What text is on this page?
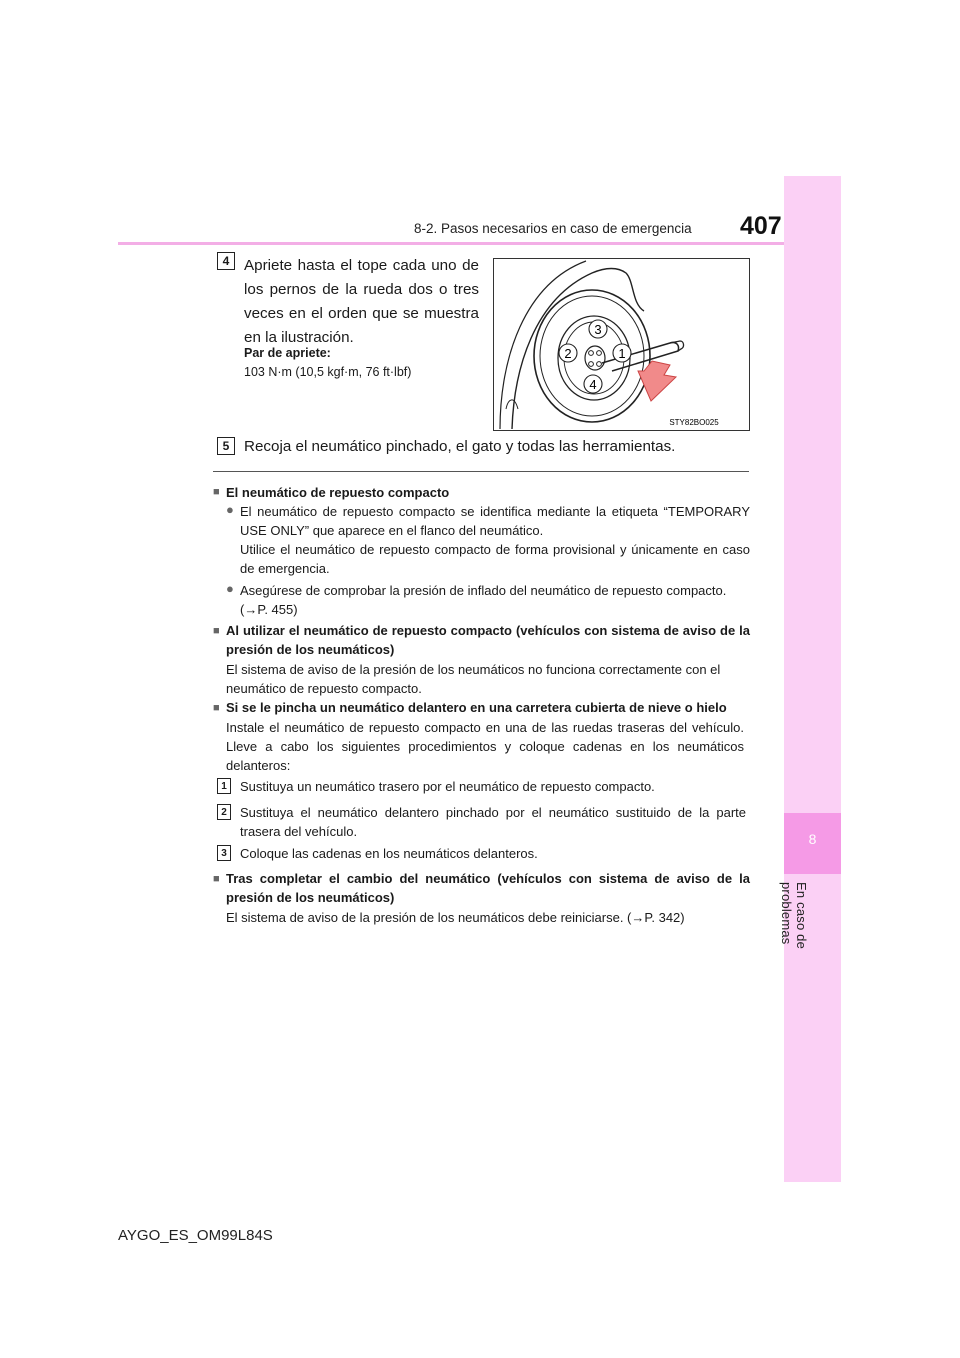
8-2. Pasos necesarios en caso de emergencia 407
8
En caso de problemas
4 Apriete hasta el tope cada uno de los pernos de la rueda dos o tres veces en el orden que se muestra en la ilustración.
Par de apriete:
103 N·m (10,5 kgf·m, 76 ft·lbf)
3
2	1
4
STY82BO025
5 Recoja el neumático pinchado, el gato y todas las herramientas.
■ El neumático de repuesto compacto
● El neumático de repuesto compacto se identifica mediante la etiqueta “TEMPORARY USE ONLY” que aparece en el flanco del neumático.
Utilice el neumático de repuesto compacto de forma provisional y únicamente en caso de emergencia.
● Asegúrese de comprobar la presión de inflado del neumático de repuesto compacto.
(→P. 455)
■ Al utilizar el neumático de repuesto compacto (vehículos con sistema de aviso de la presión de los neumáticos)
El sistema de aviso de la presión de los neumáticos no funciona correctamente con el neumático de repuesto compacto.
■ Si se le pincha un neumático delantero en una carretera cubierta de nieve o hielo
Instale el neumático de repuesto compacto en una de las ruedas traseras del vehículo. Lleve a cabo los siguientes procedimientos y coloque cadenas en los neumáticos delanteros:
1	Sustituya un neumático trasero por el neumático de repuesto compacto.
2	Sustituya el neumático delantero pinchado por el neumático sustituido de la parte trasera del vehículo.
3	Coloque las cadenas en los neumáticos delanteros.
■ Tras completar el cambio del neumático (vehículos con sistema de aviso de la presión de los neumáticos)
El sistema de aviso de la presión de los neumáticos debe reiniciarse. (→P. 342)
AYGO_ES_OM99L84S
